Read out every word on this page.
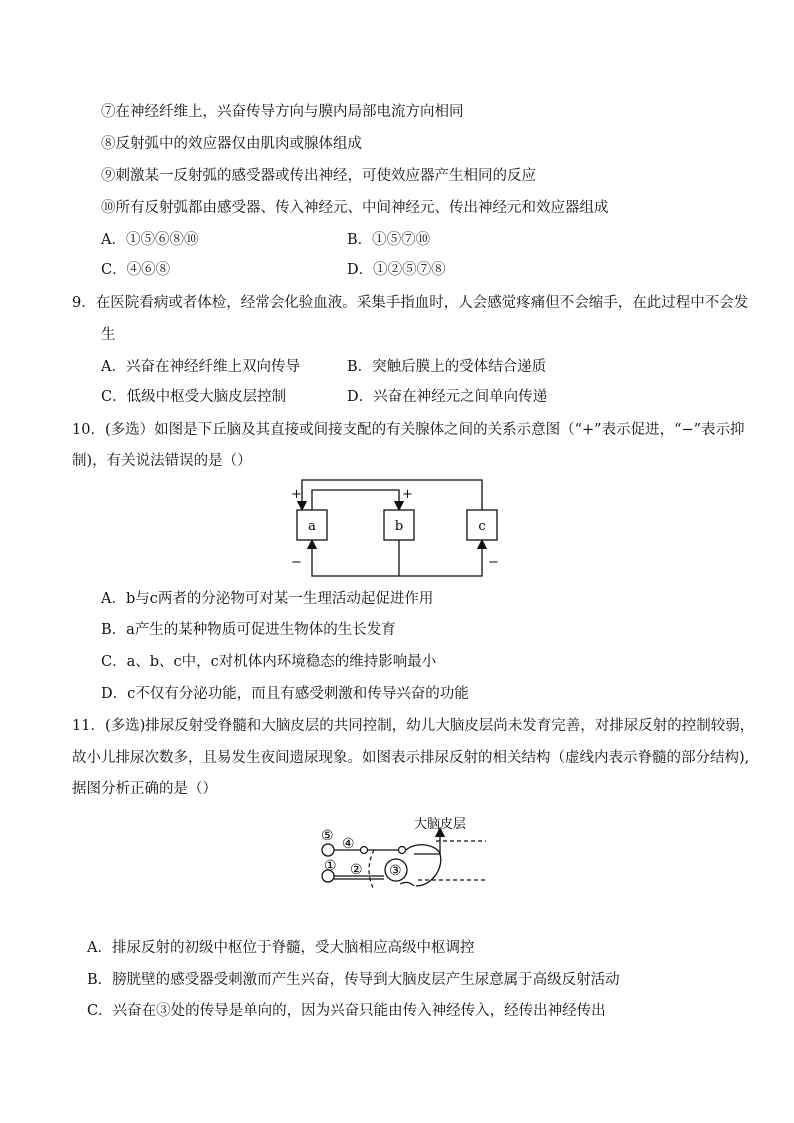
⑦在神经纤维上，兴奋传导方向与膜内局部电流方向相同
⑧反射弧中的效应器仅由肌肉或腺体组成
⑨刺激某一反射弧的感受器或传出神经，可使效应器产生相同的反应
⑩所有反射弧都由感受器、传入神经元、中间神经元、传出神经元和效应器组成
A．①⑤⑥⑧⑩	B．①⑤⑦⑩
C．④⑥⑧	D．①②⑤⑦⑧
9．在医院看病或者体检，经常会化验血液。采集手指血时，人会感觉疼痛但不会缩手，在此过程中不会发
生
A．兴奋在神经纤维上双向传导	B．突触后膜上的受体结合递质
C．低级中枢受大脑皮层控制	D．兴奋在神经元之间单向传递
10．(多选）如图是下丘脑及其直接或间接支配的有关腺体之间的关系示意图（“+”表示促进，“−”表示抑
制)，有关说法错误的是（）
a	b	c
+	+
−	−
A．b与c两者的分泌物可对某一生理活动起促进作用
B．a产生的某种物质可促进生物体的生长发育
C．a、b、c中，c对机体内环境稳态的维持影响最小
D．c不仅有分泌功能，而且有感受刺激和传导兴奋的功能
11．(多选)排尿反射受脊髓和大脑皮层的共同控制，幼儿大脑皮层尚未发育完善，对排尿反射的控制较弱，
故小儿排尿次数多，且易发生夜间遗尿现象。如图表示排尿反射的相关结构（虚线内表示脊髓的部分结构),
据图分析正确的是（）
大脑皮层
⑤ ④
① ② ③
A．排尿反射的初级中枢位于脊髓，受大脑相应高级中枢调控
B．膀胱壁的感受器受刺激而产生兴奋，传导到大脑皮层产生尿意属于高级反射活动
C．兴奋在③处的传导是单向的，因为兴奋只能由传入神经传入，经传出神经传出
